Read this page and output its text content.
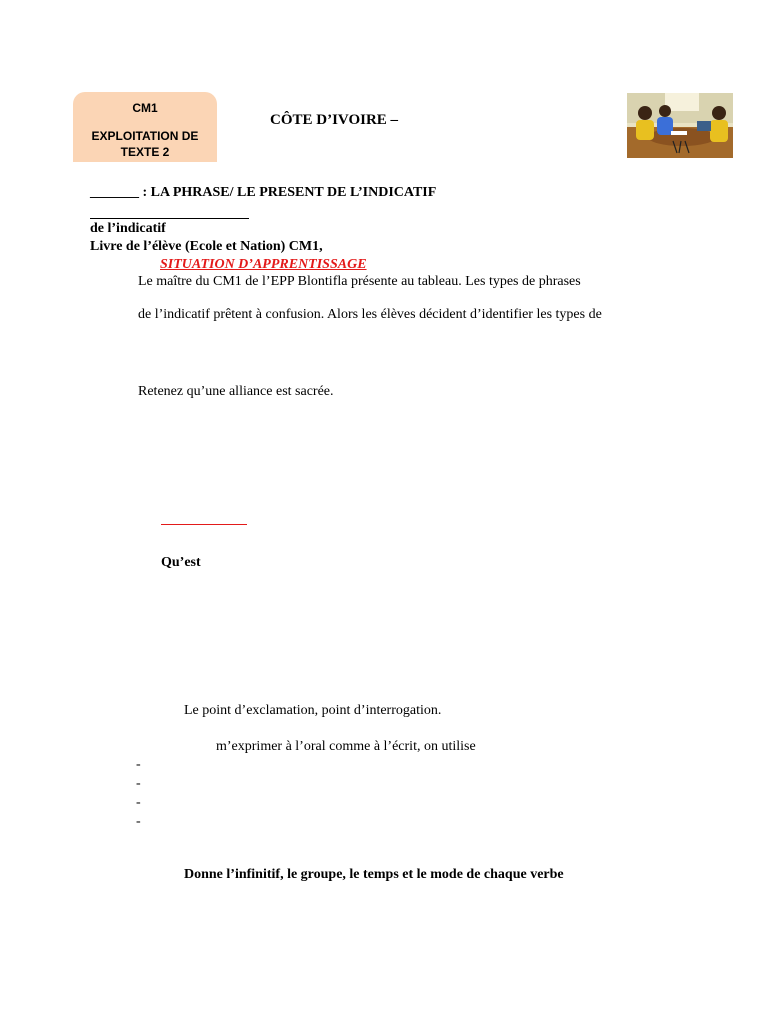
CM1
EXPLOITATION DE
TEXTE 2
CÔTE D’IVOIRE –
_______ : LA PHRASE/ LE PRESENT DE L’INDICATIF
de l’indicatif
Livre de l’élève (Ecole et Nation) CM1,
SITUATION D’APPRENTISSAGE
Le maître du CM1 de l’EPP Blontifla présente au tableau. Les types de phrases
de l’indicatif prêtent à confusion. Alors les élèves décident d’identifier les types de
Retenez qu’une alliance est sacrée.
Qu’est
Le point d’exclamation, point d’interrogation.
m’exprimer à l’oral comme à l’écrit, on utilise
-
-
-
-
Donne l’infinitif, le groupe, le temps et le mode de chaque verbe
